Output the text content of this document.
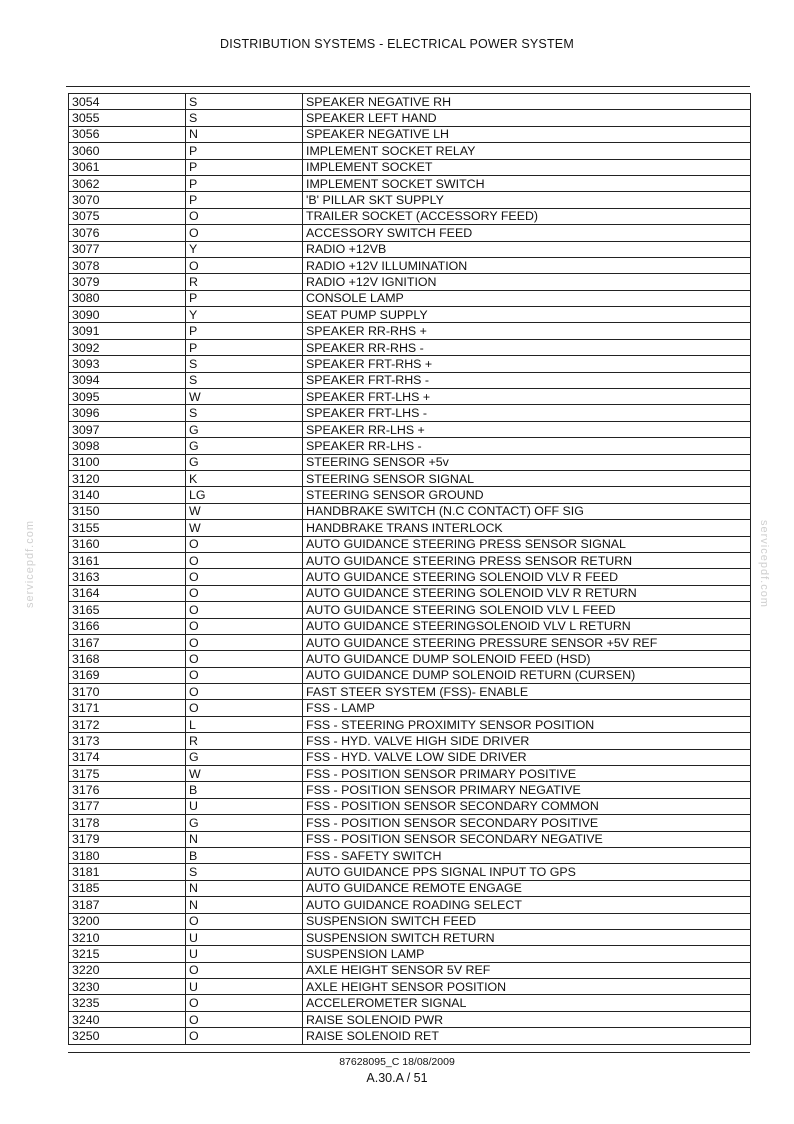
DISTRIBUTION SYSTEMS - ELECTRICAL POWER SYSTEM
servicepdf.com	servicepdf.com
3054	S	SPEAKER NEGATIVE RH
3055	S	SPEAKER LEFT HAND
3056	N	SPEAKER NEGATIVE LH
3060	P	IMPLEMENT SOCKET RELAY
3061	P	IMPLEMENT SOCKET
3062	P	IMPLEMENT SOCKET SWITCH
3070	P	'B' PILLAR SKT SUPPLY
3075	O	TRAILER SOCKET (ACCESSORY FEED)
3076	O	ACCESSORY SWITCH FEED
3077	Y	RADIO +12VB
3078	O	RADIO +12V ILLUMINATION
3079	R	RADIO +12V IGNITION
3080	P	CONSOLE LAMP
3090	Y	SEAT PUMP SUPPLY
3091	P	SPEAKER RR-RHS +
3092	P	SPEAKER RR-RHS -
3093	S	SPEAKER FRT-RHS +
3094	S	SPEAKER FRT-RHS -
3095	W	SPEAKER FRT-LHS +
3096	S	SPEAKER FRT-LHS -
3097	G	SPEAKER RR-LHS +
3098	G	SPEAKER RR-LHS -
3100	G	STEERING SENSOR +5v
3120	K	STEERING SENSOR SIGNAL
3140	LG	STEERING SENSOR GROUND
3150	W	HANDBRAKE SWITCH (N.C CONTACT) OFF SIG
3155	W	HANDBRAKE TRANS INTERLOCK
3160	O	AUTO GUIDANCE STEERING PRESS SENSOR SIGNAL
3161	O	AUTO GUIDANCE STEERING PRESS SENSOR RETURN
3163	O	AUTO GUIDANCE STEERING SOLENOID VLV R FEED
3164	O	AUTO GUIDANCE STEERING SOLENOID VLV R RETURN
3165	O	AUTO GUIDANCE STEERING SOLENOID VLV L FEED
3166	O	AUTO GUIDANCE STEERINGSOLENOID VLV L RETURN
3167	O	AUTO GUIDANCE STEERING PRESSURE SENSOR +5V REF
3168	O	AUTO GUIDANCE DUMP SOLENOID FEED (HSD)
3169	O	AUTO GUIDANCE DUMP SOLENOID RETURN (CURSEN)
3170	O	FAST STEER SYSTEM (FSS)- ENABLE
3171	O	FSS - LAMP
3172	L	FSS - STEERING PROXIMITY SENSOR POSITION
3173	R	FSS - HYD. VALVE HIGH SIDE DRIVER
3174	G	FSS - HYD. VALVE LOW SIDE DRIVER
3175	W	FSS - POSITION SENSOR PRIMARY POSITIVE
3176	B	FSS - POSITION SENSOR PRIMARY NEGATIVE
3177	U	FSS - POSITION SENSOR SECONDARY COMMON
3178	G	FSS - POSITION SENSOR SECONDARY POSITIVE
3179	N	FSS - POSITION SENSOR SECONDARY NEGATIVE
3180	B	FSS - SAFETY SWITCH
3181	S	AUTO GUIDANCE PPS SIGNAL INPUT TO GPS
3185	N	AUTO GUIDANCE REMOTE ENGAGE
3187	N	AUTO GUIDANCE ROADING SELECT
3200	O	SUSPENSION SWITCH FEED
3210	U	SUSPENSION SWITCH RETURN
3215	U	SUSPENSION LAMP
3220	O	AXLE HEIGHT SENSOR 5V REF
3230	U	AXLE HEIGHT SENSOR POSITION
3235	O	ACCELEROMETER SIGNAL
3240	O	RAISE SOLENOID PWR
3250	O	RAISE SOLENOID RET
87628095_C 18/08/2009
A.30.A / 51
